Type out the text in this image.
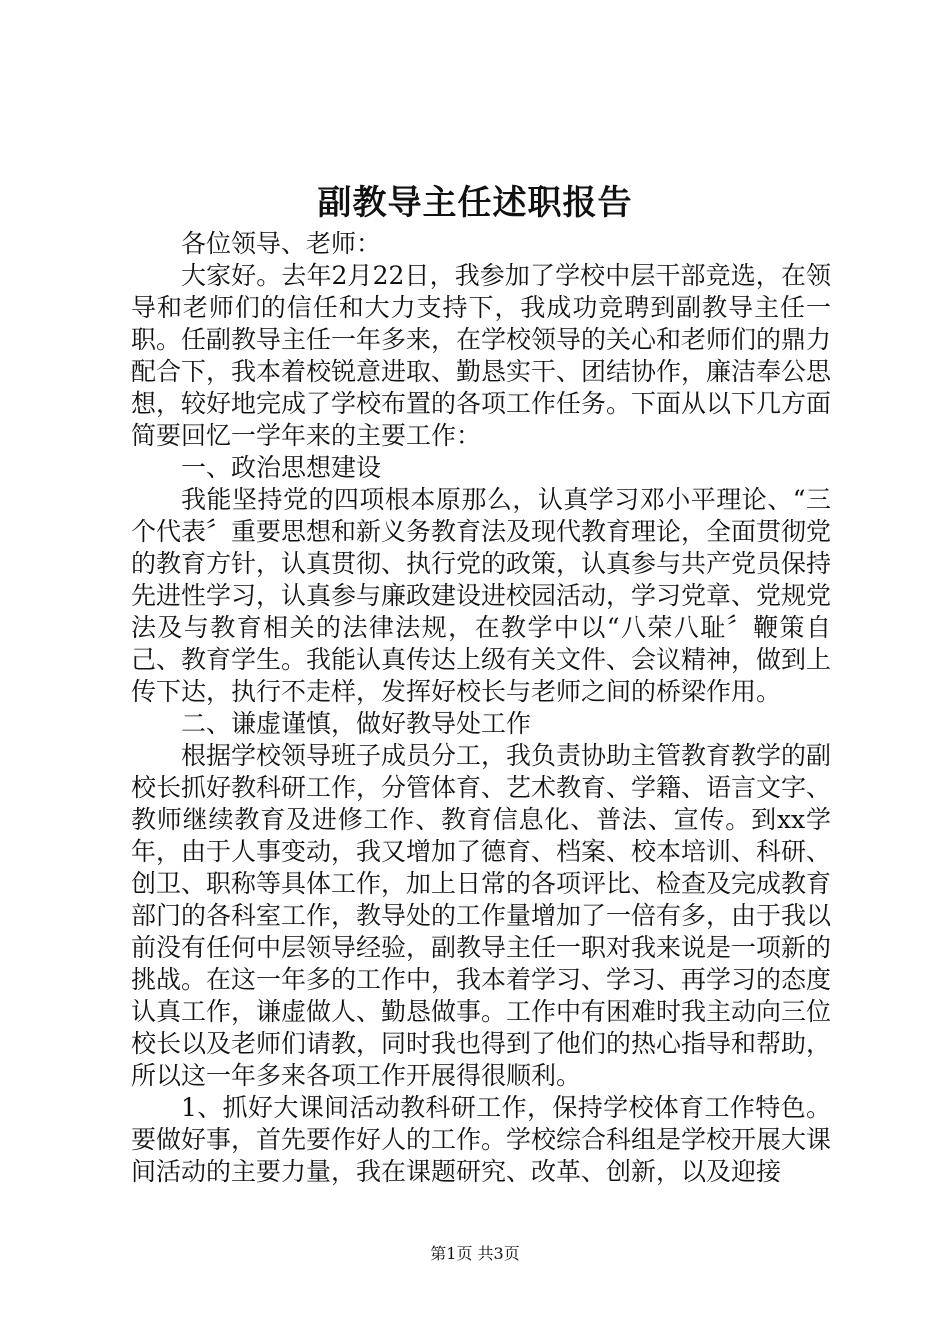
副教导主任述职报告

各位领导、老师：

大家好。去年2月22日，我参加了学校中层干部竞选，在领导和老师们的信任和大力支持下，我成功竞聘到副教导主任一职。任副教导主任一年多来，在学校领导的关心和老师们的鼎力配合下，我本着校锐意进取、勤恳实干、团结协作，廉洁奉公思想，较好地完成了学校布置的各项工作任务。下面从以下几方面简要回忆一学年来的主要工作：

一、政治思想建设

我能坚持党的四项根本原那么，认真学习邓小平理论、“三个代表〞重要思想和新义务教育法及现代教育理论，全面贯彻党的教育方针，认真贯彻、执行党的政策，认真参与共产党员保持先进性学习，认真参与廉政建设进校园活动，学习党章、党规党法及与教育相关的法律法规，在教学中以“八荣八耻〞鞭策自己、教育学生。我能认真传达上级有关文件、会议精神，做到上传下达，执行不走样，发挥好校长与老师之间的桥梁作用。

二、谦虚谨慎，做好教导处工作

根据学校领导班子成员分工，我负责协助主管教育教学的副校长抓好教科研工作，分管体育、艺术教育、学籍、语言文字、教师继续教育及进修工作、教育信息化、普法、宣传。到xx学年，由于人事变动，我又增加了德育、档案、校本培训、科研、创卫、职称等具体工作，加上日常的各项评比、检查及完成教育部门的各科室工作，教导处的工作量增加了一倍有多，由于我以前没有任何中层领导经验，副教导主任一职对我来说是一项新的挑战。在这一年多的工作中，我本着学习、学习、再学习的态度认真工作，谦虚做人、勤恳做事。工作中有困难时我主动向三位校长以及老师们请教，同时我也得到了他们的热心指导和帮助，所以这一年多来各项工作开展得很顺利。

1、抓好大课间活动教科研工作，保持学校体育工作特色。要做好事，首先要作好人的工作。学校综合科组是学校开展大课间活动的主要力量，我在课题研究、改革、创新，以及迎接

第1页 共3页
